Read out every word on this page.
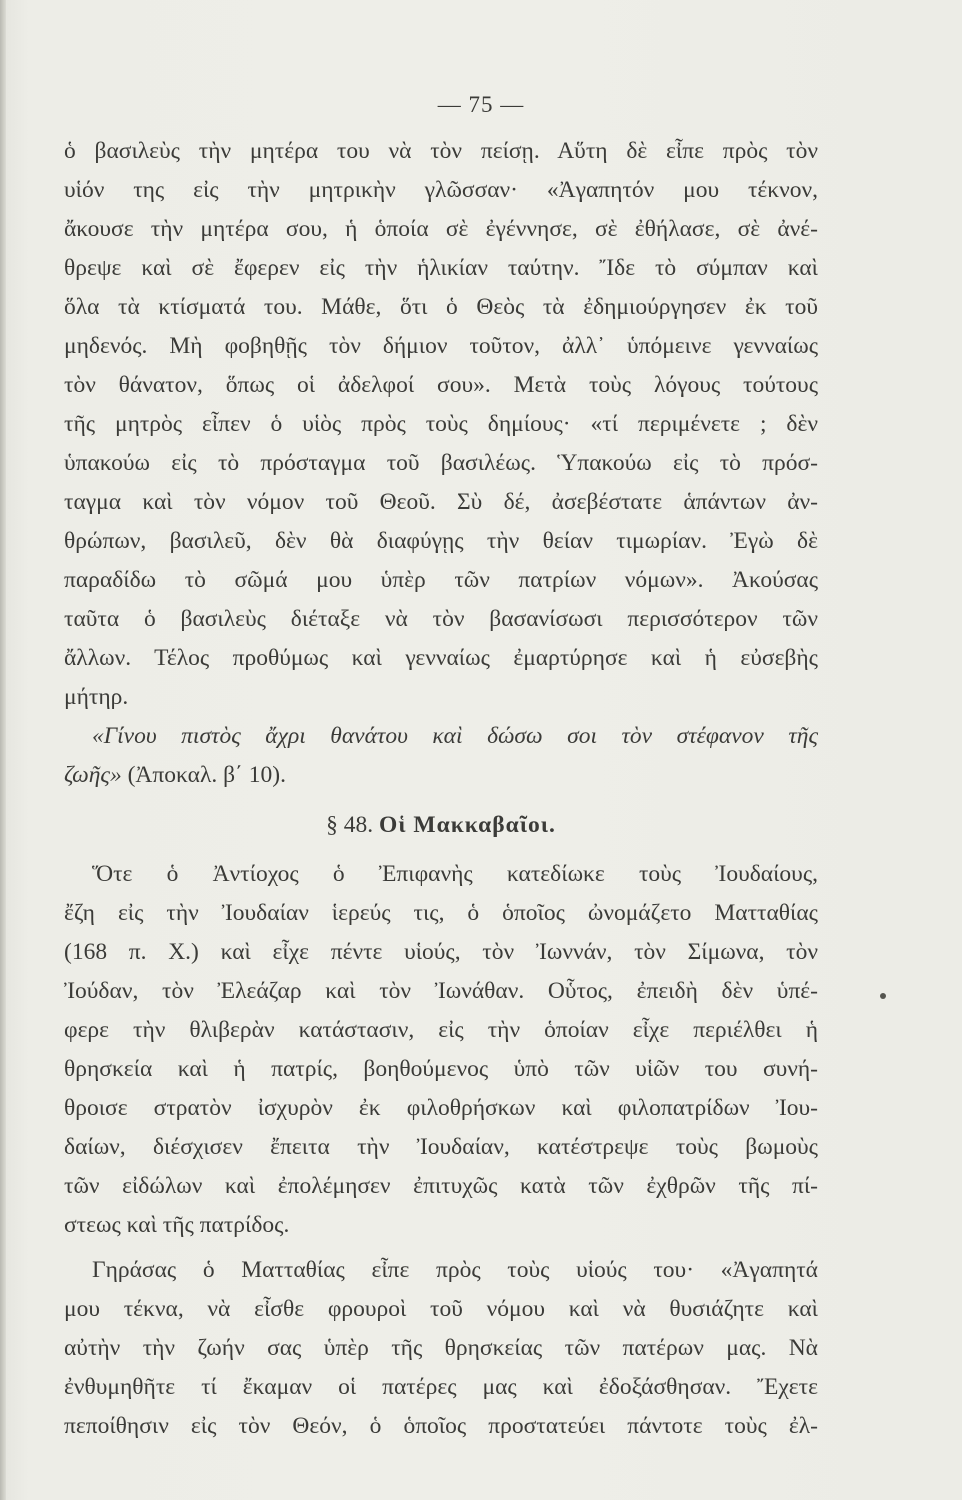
— 75 —
ὁ βασιλεὺς τὴν μητέρα του νὰ τὸν πείσῃ. Αὕτη δὲ εἶπε πρὸς τὸν
υἱόν της εἰς τὴν μητρικὴν γλῶσσαν· «Ἀγαπητόν μου τέκνον,
ἄκουσε τὴν μητέρα σου, ἡ ὁποία σὲ ἐγέννησε, σὲ ἐθήλασε, σὲ ἀνέ-
θρεψε καὶ σὲ ἔφερεν εἰς τὴν ἡλικίαν ταύτην. Ἴδε τὸ σύμπαν καὶ
ὅλα τὰ κτίσματά του. Μάθε, ὅτι ὁ Θεὸς τὰ ἐδημιούργησεν ἐκ τοῦ
μηδενός. Μὴ φοβηθῇς τὸν δήμιον τοῦτον, ἀλλ᾽ ὑπόμεινε γενναίως
τὸν θάνατον, ὅπως οἱ ἀδελφοί σου». Μετὰ τοὺς λόγους τούτους
τῆς μητρὸς εἶπεν ὁ υἱὸς πρὸς τοὺς δημίους· «τί περιμένετε ; δὲν
ὑπακούω εἰς τὸ πρόσταγμα τοῦ βασιλέως. Ὑπακούω εἰς τὸ πρόσ-
ταγμα καὶ τὸν νόμον τοῦ Θεοῦ. Σὺ δέ, ἀσεβέστατε ἁπάντων ἀν-
θρώπων, βασιλεῦ, δὲν θὰ διαφύγῃς τὴν θείαν τιμωρίαν. Ἐγὼ δὲ
παραδίδω τὸ σῶμά μου ὑπὲρ τῶν πατρίων νόμων». Ἀκούσας
ταῦτα ὁ βασιλεὺς διέταξε νὰ τὸν βασανίσωσι περισσότερον τῶν
ἄλλων. Τέλος προθύμως καὶ γενναίως ἐμαρτύρησε καὶ ἡ εὐσεβὴς
μήτηρ.
«Γίνου πιστὸς ἄχρι θανάτου καὶ δώσω σοι τὸν στέφανον τῆς
ζωῆς» (Ἀποκαλ. β΄ 10).
§ 48. Οἱ Μακκαβαῖοι.
Ὅτε ὁ Ἀντίοχος ὁ Ἐπιφανὴς κατεδίωκε τοὺς Ἰουδαίους,
ἔζη εἰς τὴν Ἰουδαίαν ἱερεύς τις, ὁ ὁποῖος ὠνομάζετο Ματταθίας
(168 π. Χ.) καὶ εἶχε πέντε υἱούς, τὸν Ἰωννάν, τὸν Σίμωνα, τὸν
Ἰούδαν, τὸν Ἐλεάζαρ καὶ τὸν Ἰωνάθαν. Οὗτος, ἐπειδὴ δὲν ὑπέ-
φερε τὴν θλιβερὰν κατάστασιν, εἰς τὴν ὁποίαν εἶχε περιέλθει ἡ
θρησκεία καὶ ἡ πατρίς, βοηθούμενος ὑπὸ τῶν υἱῶν του συνή-
θροισε στρατὸν ἰσχυρὸν ἐκ φιλοθρήσκων καὶ φιλοπατρίδων Ἰου-
δαίων, διέσχισεν ἔπειτα τὴν Ἰουδαίαν, κατέστρεψε τοὺς βωμοὺς
τῶν εἰδώλων καὶ ἐπολέμησεν ἐπιτυχῶς κατὰ τῶν ἐχθρῶν τῆς πί-
στεως καὶ τῆς πατρίδος.
Γηράσας ὁ Ματταθίας εἶπε πρὸς τοὺς υἱούς του· «Ἀγαπητά
μου τέκνα, νὰ εἶσθε φρουροὶ τοῦ νόμου καὶ νὰ θυσιάζητε καὶ
αὐτὴν τὴν ζωήν σας ὑπὲρ τῆς θρησκείας τῶν πατέρων μας. Νὰ
ἐνθυμηθῆτε τί ἔκαμαν οἱ πατέρες μας καὶ ἐδοξάσθησαν. Ἔχετε
πεποίθησιν εἰς τὸν Θεόν, ὁ ὁποῖος προστατεύει πάντοτε τοὺς ἐλ-
